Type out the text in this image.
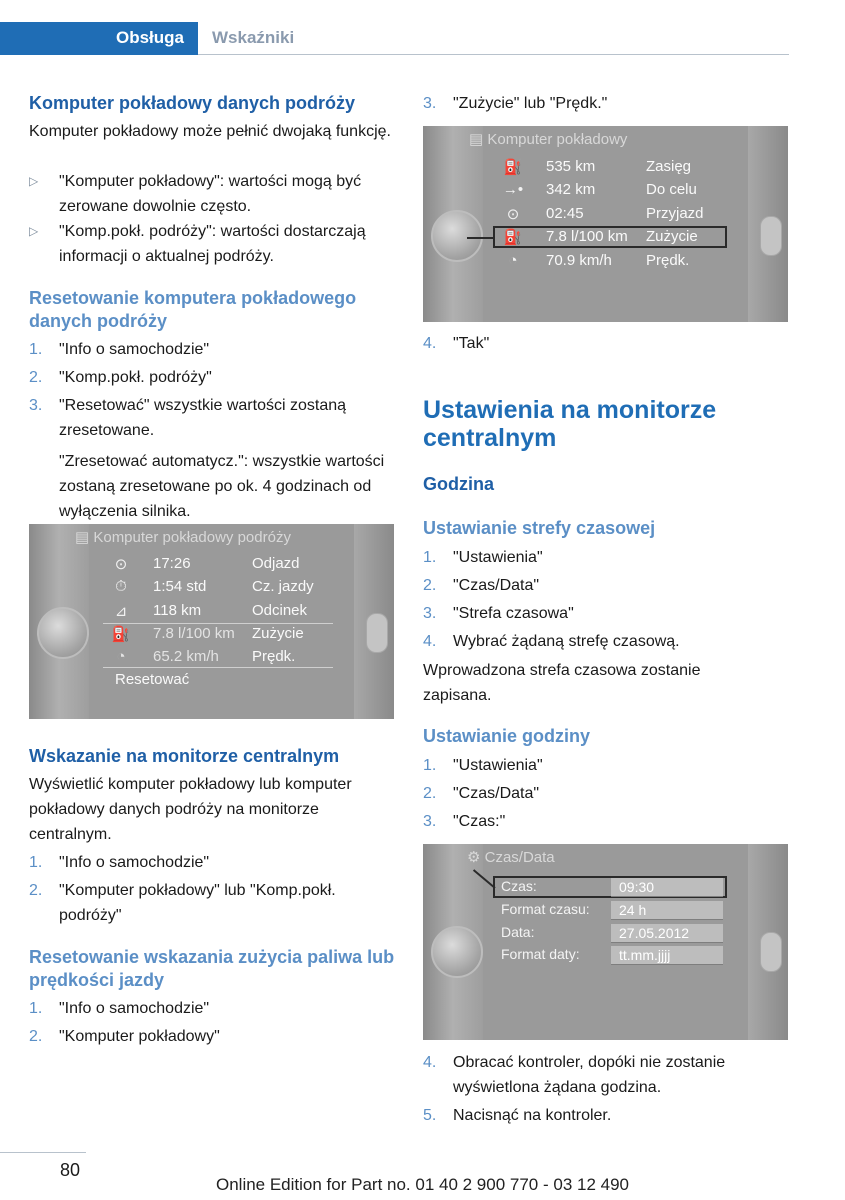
Obsługa	Wskaźniki
Komputer pokładowy danych podróży
Komputer pokładowy może pełnić dwojaką funkcję.
▷ "Komputer pokładowy": wartości mogą być zerowane dowolnie często.
▷ "Komp.pokł. podróży": wartości dostarczają informacji o aktualnej podróży.
Resetowanie komputera pokładowego danych podróży
1. "Info o samochodzie"
2. "Komp.pokł. podróży"
3. "Resetować" wszystkie wartości zostaną zresetowane.
"Zresetować automatycz.": wszystkie wartości zostaną zresetowane po ok. 4 godzinach od wyłączenia silnika.
▤ Komputer pokładowy podróży
⊙	17:26	Odjazd
⏱	1:54 std	Cz. jazdy
⊿	118 km	Odcinek
⛽ 7.8 l/100 km Zużycie
◔	65.2 km/h Prędk.
Resetować
Wskazanie na monitorze centralnym
Wyświetlić komputer pokładowy lub komputer pokładowy danych podróży na monitorze centralnym.
1. "Info o samochodzie"
2. "Komputer pokładowy" lub "Komp.pokł. podróży"
Resetowanie wskazania zużycia paliwa lub prędkości jazdy
1. "Info o samochodzie"
2. "Komputer pokładowy"
3. "Zużycie" lub "Prędk."
▤ Komputer pokładowy
⛽ 535 km	Zasięg
→• 342 km	Do celu
⊙	02:45	Przyjazd
⛽ 7.8 l/100 km Zużycie
◔	70.9 km/h Prędk.
4. "Tak"
Ustawienia na monitorze centralnym
Godzina
Ustawianie strefy czasowej
1. "Ustawienia"
2. "Czas/Data"
3. "Strefa czasowa"
4. Wybrać żądaną strefę czasową.
Wprowadzona strefa czasowa zostanie zapisana.
Ustawianie godziny
1. "Ustawienia"
2. "Czas/Data"
3. "Czas:"
⚙ Czas/Data
Czas:	09:30
Format czasu:	24 h
Data:	27.05.2012
Format daty:	tt.mm.jjjj
4. Obracać kontroler, dopóki nie zostanie wyświetlona żądana godzina.
5. Nacisnąć na kontroler.
80
Online Edition for Part no. 01 40 2 900 770 - 03 12 490
